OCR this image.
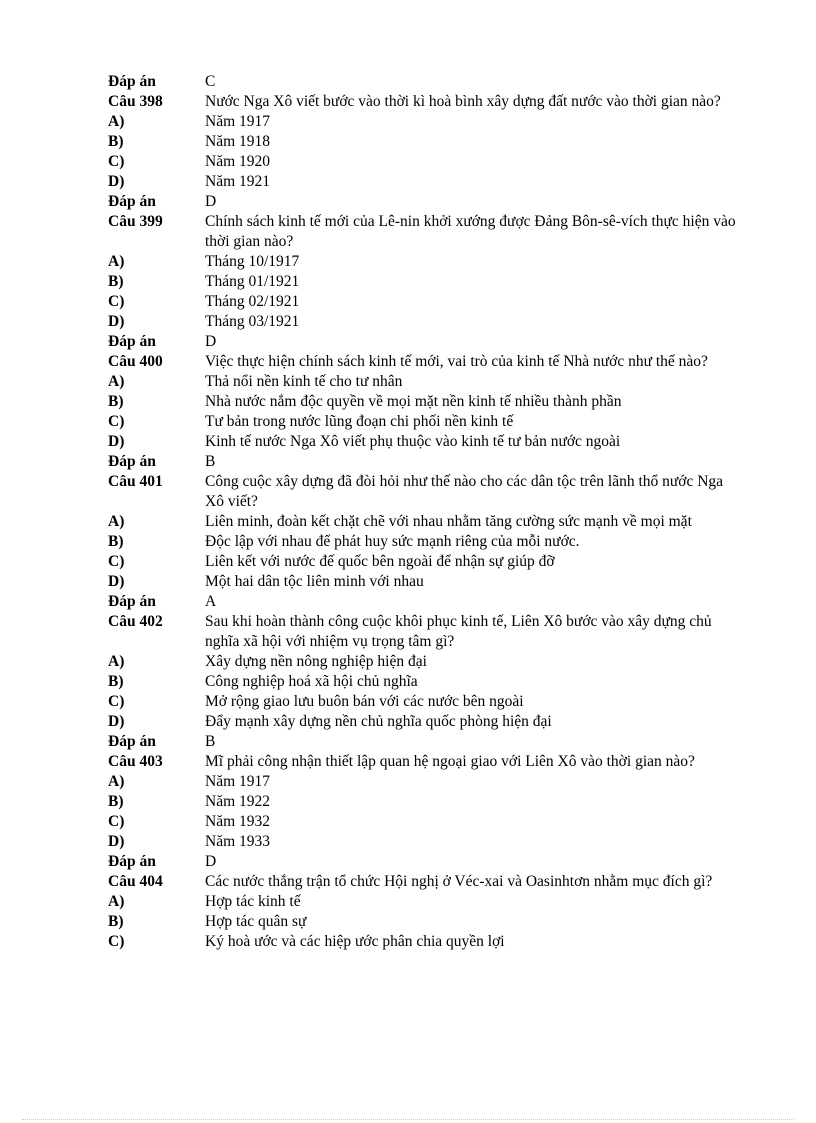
Đáp án	C
Câu 398	Nước Nga Xô viết bước vào thời kì hoà bình xây dựng đất nước vào thời gian nào?
A)	Năm 1917
B)	Năm 1918
C)	Năm 1920
D)	Năm 1921
Đáp án	D
Câu 399	Chính sách kinh tế mới của Lê-nin khởi xướng được Đảng Bôn-sê-vích thực hiện vào thời gian nào?
A)	Tháng 10/1917
B)	Tháng 01/1921
C)	Tháng 02/1921
D)	Tháng 03/1921
Đáp án	D
Câu 400	Việc thực hiện chính sách kinh tế mới, vai trò của kinh tế Nhà nước như thế nào?
A)	Thả nổi nền kinh tế cho tư nhân
B)	Nhà nước nắm độc quyền về mọi mặt nền kinh tế nhiều thành phần
C)	Tư bản trong nước lũng đoạn chi phối nền kinh tế
D)	Kinh tế nước Nga Xô viết phụ thuộc vào kinh tế tư bản nước ngoài
Đáp án	B
Câu 401	Công cuộc xây dựng đã đòi hỏi như thế nào cho các dân tộc trên lãnh thổ nước Nga Xô viết?
A)	Liên minh, đoàn kết chặt chẽ với nhau nhằm tăng cường sức mạnh về mọi mặt
B)	Độc lập với nhau để phát huy sức mạnh riêng của mỗi nước.
C)	Liên kết với nước đế quốc bên ngoài để nhận sự giúp đỡ
D)	Một hai dân tộc liên minh với nhau
Đáp án	A
Câu 402	Sau khi hoàn thành công cuộc khôi phục kinh tế, Liên Xô bước vào xây dựng chủ nghĩa xã hội với nhiệm vụ trọng tâm gì?
A)	Xây dựng nền nông nghiệp hiện đại
B)	Công nghiệp hoá xã hội chủ nghĩa
C)	Mở rộng giao lưu buôn bán với các nước bên ngoài
D)	Đẩy mạnh xây dựng nền chủ nghĩa quốc phòng hiện đại
Đáp án	B
Câu 403	Mĩ phải công nhận thiết lập quan hệ ngoại giao với Liên Xô vào thời gian nào?
A)	Năm 1917
B)	Năm 1922
C)	Năm 1932
D)	Năm 1933
Đáp án	D
Câu 404	Các nước thắng trận tổ chức Hội nghị ở Véc-xai và Oasinhtơn nhằm mục đích gì?
A)	Hợp tác kinh tế
B)	Hợp tác quân sự
C)	Ký hoà ước và các hiệp ước phân chia quyền lợi
